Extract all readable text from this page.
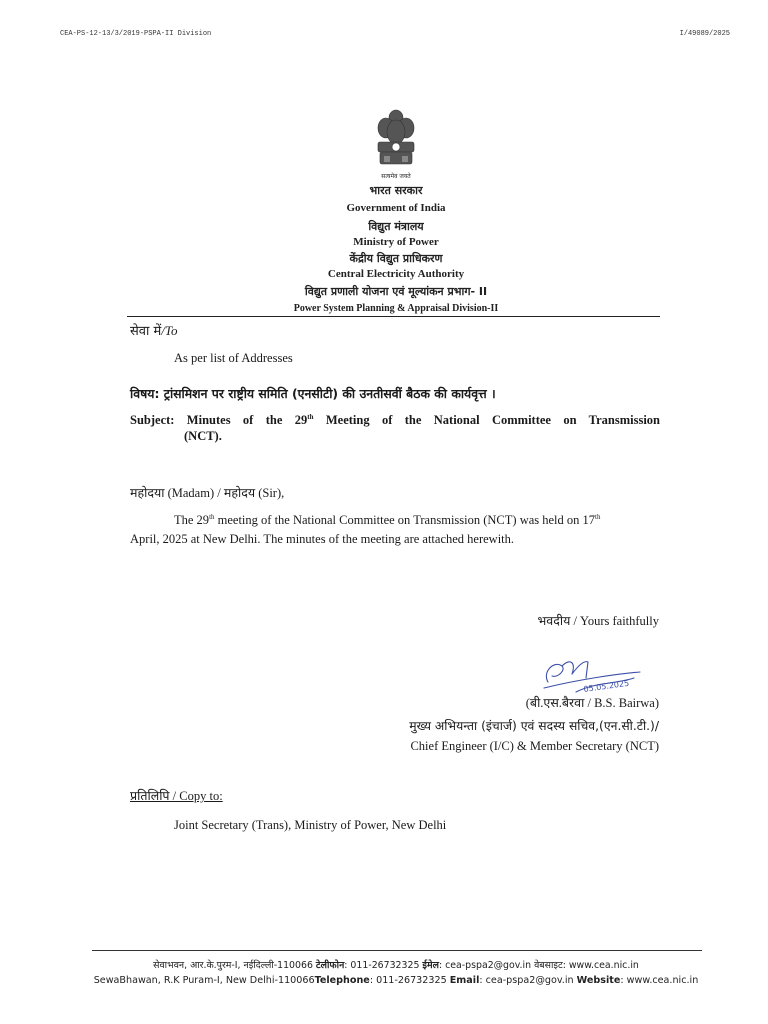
CEA-PS-12-13/3/2019-PSPA-II Division	I/49089/2025
सत्यमेव जयते
भारत सरकार
Government of India
विद्युत मंत्रालय
Ministry of Power
केंद्रीय विद्युत प्राधिकरण
Central Electricity Authority
विद्युत प्रणाली योजना एवं मूल्यांकन प्रभाग- II
Power System Planning & Appraisal Division-II
सेवा में/To
As per list of Addresses
विषय: ट्रांसमिशन पर राष्ट्रीय समिति (एनसीटी) की उनतीसवीं बैठक की कार्यवृत्त ।
Subject: Minutes of the 29th Meeting of the National Committee on Transmission
(NCT).
महोदया (Madam) / महोदय (Sir),
The 29th meeting of the National Committee on Transmission (NCT) was held on 17th
April, 2025 at New Delhi. The minutes of the meeting are attached herewith.
भवदीय / Yours faithfully
05.05.2025
(बी.एस.बैरवा / B.S. Bairwa)
मुख्य अभियन्ता (इंचार्ज) एवं सदस्य सचिव,(एन.सी.टी.)/
Chief Engineer (I/C) & Member Secretary (NCT)
प्रतिलिपि / Copy to:
Joint Secretary (Trans), Ministry of Power, New Delhi
सेवाभवन, आर.के.पुरम-I, नईदिल्ली-110066 टेलीफोन: 011-26732325 ईमेल: cea-pspa2@gov.in वेबसाइट: www.cea.nic.in
SewaBhawan, R.K Puram-I, New Delhi-110066Telephone: 011-26732325 Email: cea-pspa2@gov.in Website: www.cea.nic.in
